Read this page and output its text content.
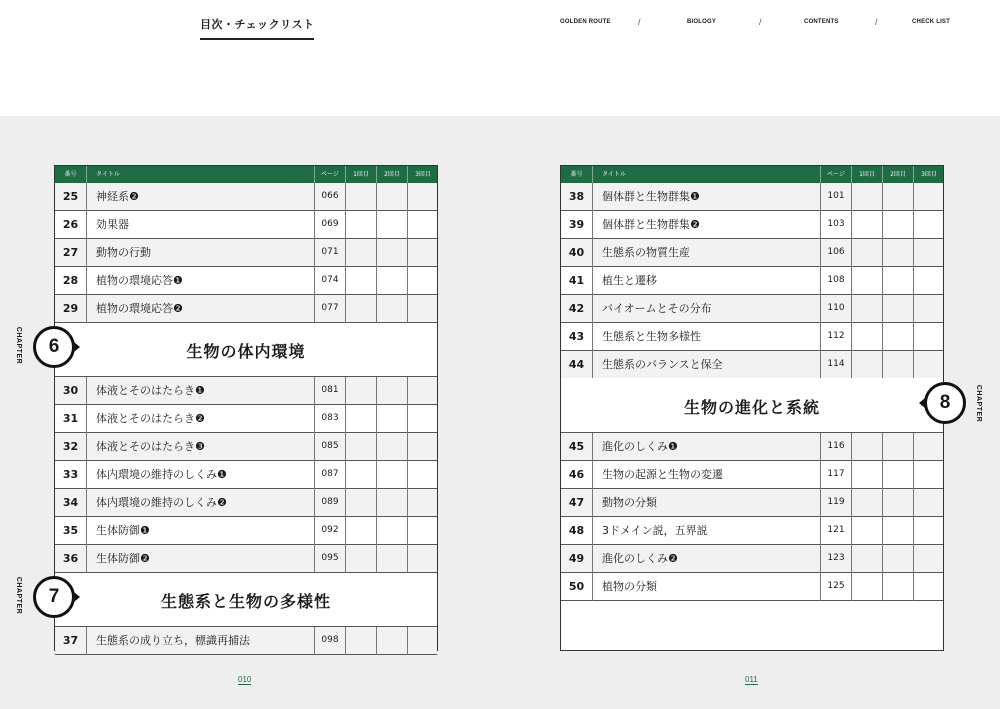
目次・チェックリスト	GOLDEN ROUTE	/	BIOLOGY	/	CONTENTS	/	CHECK LIST
番号	タイトル	ページ	1回目	2回目	3回目
25	神経系❷	066
26	効果器	069
27	動物の行動	071
28	植物の環境応答❶	074
29	植物の環境応答❷	077
生物の体内環境
30	体液とそのはたらき❶	081
31	体液とそのはたらき❷	083
32	体液とそのはたらき❸	085
33	体内環境の維持のしくみ❶	087
34	体内環境の維持のしくみ❷	089
35	生体防御❶	092
36	生体防御❷	095
生態系と生物の多様性
37	生態系の成り立ち，標識再捕法	098
番号	タイトル	ページ	1回目	2回目	3回目
38	個体群と生物群集❶	101
39	個体群と生物群集❷	103
40	生態系の物質生産	106
41	植生と遷移	108
42	バイオームとその分布	110
43	生態系と生物多様性	112
44	生態系のバランスと保全	114
生物の進化と系統
45	進化のしくみ❶	116
46	生物の起源と生物の変遷	117
47	動物の分類	119
48	3ドメイン説，五界説	121
49	進化のしくみ❷	123
50	植物の分類	125
6
CHAPTER
7
CHAPTER
8	CHAPTER
010	011
